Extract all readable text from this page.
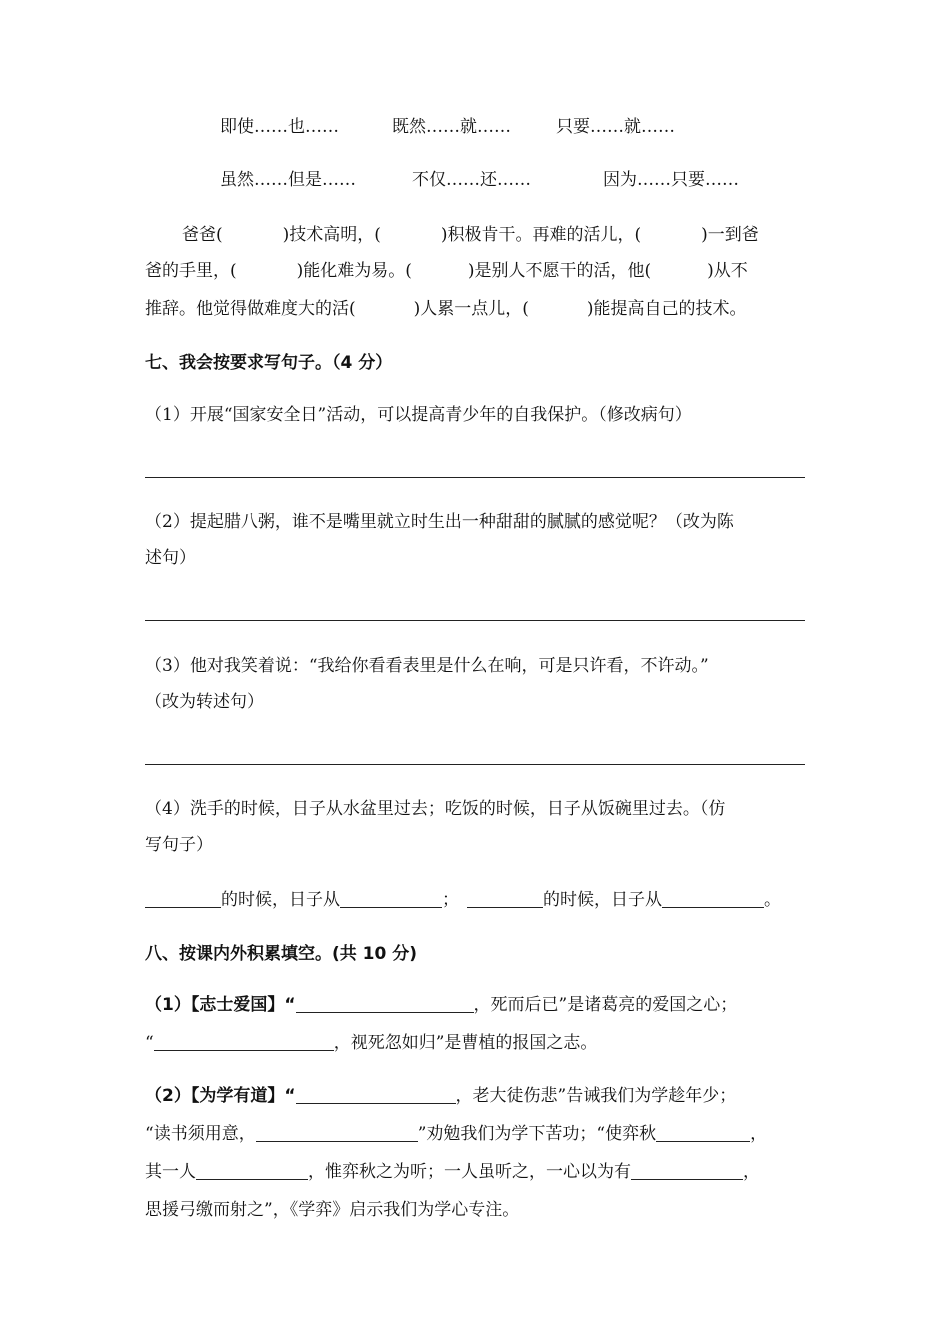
即使……也……	既然……就……	只要……就……
虽然……但是……	不仅……还……	因为……只要……
爸爸(	)技术高明，(	)积极肯干。再难的活儿，(	)一到爸
爸的手里，(	)能化难为易。(	)是别人不愿干的活，他(	)从不
推辞。他觉得做难度大的活(	)人累一点儿，(	)能提高自己的技术。
七、我会按要求写句子。（4 分）
（1）开展“国家安全日”活动，可以提高青少年的自我保护。（修改病句）
（2）提起腊八粥，谁不是嘴里就立时生出一种甜甜的腻腻的感觉呢？（改为陈
述句）
（3）他对我笑着说：“我给你看看表里是什么在响，可是只许看，不许动。”
（改为转述句）
（4）洗手的时候，日子从水盆里过去；吃饭的时候，日子从饭碗里过去。（仿
写句子）
的时候，日子从	；	的时候，日子从	。
八、按课内外积累填空。(共 10 分)
（1）【志士爱国】“	，死而后已”是诸葛亮的爱国之心；
“	，视死忽如归”是曹植的报国之志。
（2）【为学有道】“	，老大徒伤悲”告诫我们为学趁年少；
“读书须用意，	”劝勉我们为学下苦功；“使弈秋	，
其一人	，惟弈秋之为听；一人虽听之，一心以为有	，
思援弓缴而射之”，《学弈》启示我们为学心专注。
